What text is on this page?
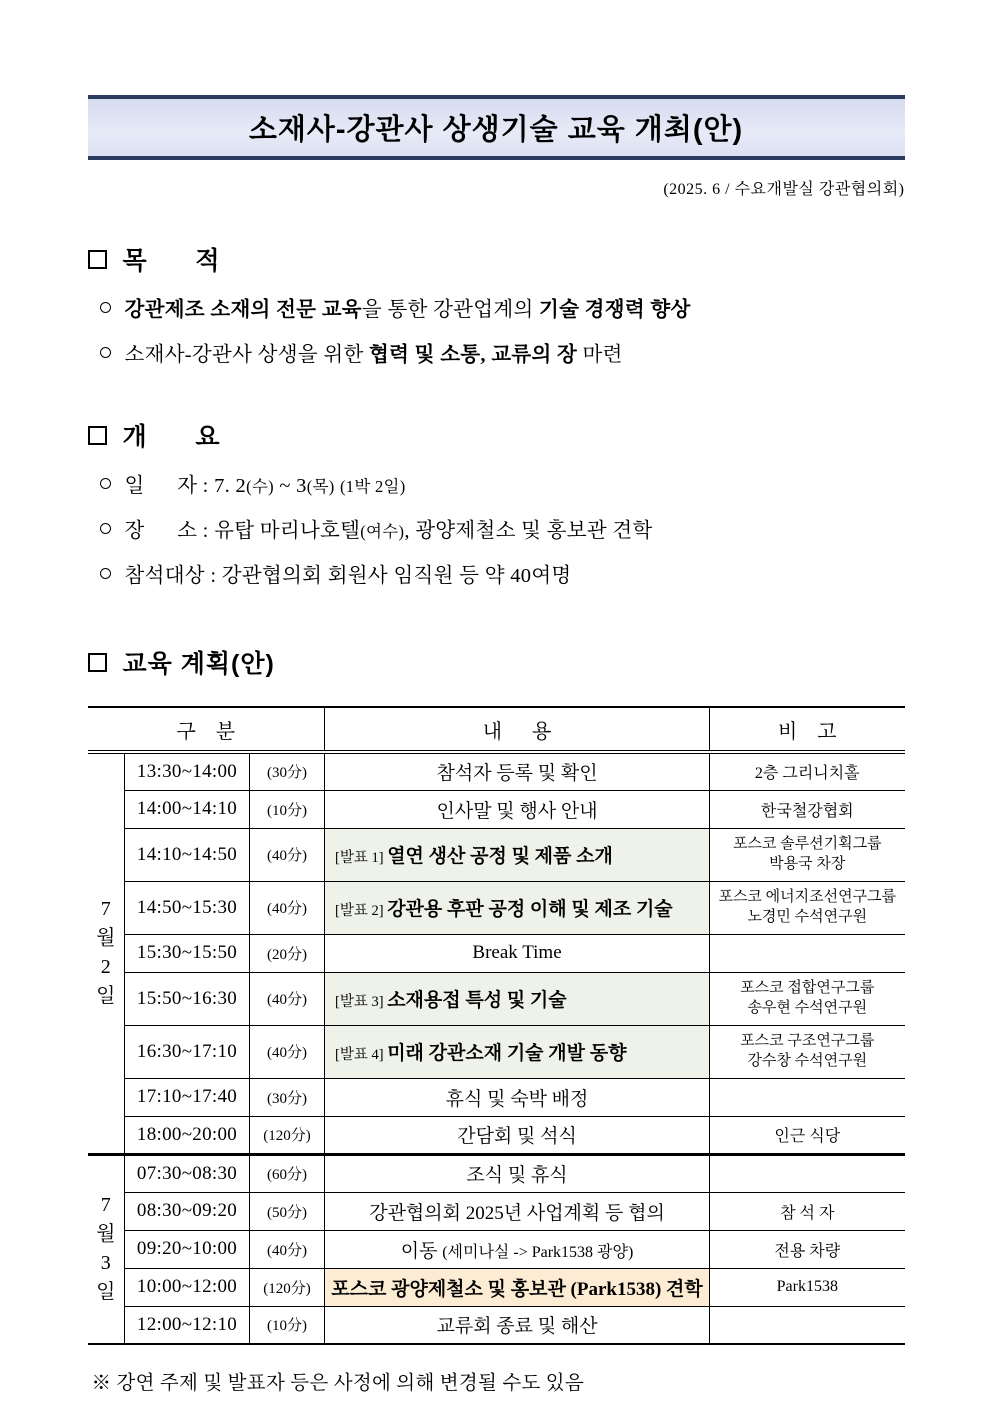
소재사-강관사 상생기술 교육 개최(안)
(2025. 6 / 수요개발실 강관협의회)
목      적
강관제조 소재의 전문 교육을 통한 강관업계의 기술 경쟁력 향상
소재사-강관사 상생을 위한 협력 및 소통, 교류의 장 마련
개      요
일      자 : 7. 2(수) ~ 3(목) (1박 2일)
장      소 : 유탑 마리나호텔(여수), 광양제철소 및 홍보관 견학
참석대상 : 강관협의회 회원사 임직원 등 약 40여명
교육 계획(안)
구    분			내      용	비    고

7
월
2
일	13:30~14:00	(30分)	참석자 등록 및 확인	2층 그리니치홀

	14:00~14:10	(10分)	인사말 및 행사 안내	한국철강협회

	14:10~14:50	(40分)	[발표 1] 열연 생산 공정 및 제품 소개	포스코 솔루션기획그룹
박용국 차장

	14:50~15:30	(40分)	[발표 2] 강관용 후판 공정 이해 및 제조 기술	포스코 에너지조선연구그룹
노경민 수석연구원

	15:30~15:50	(20分)	Break Time	
	15:50~16:30	(40分)	[발표 3] 소재용접 특성 및 기술	포스코 접합연구그룹
송우현 수석연구원

	16:30~17:10	(40分)	[발표 4] 미래 강관소재 기술 개발 동향	포스코 구조연구그룹
강수창 수석연구원

	17:10~17:40	(30分)	휴식 및 숙박 배정	
	18:00~20:00	(120分)	간담회 및 석식	인근 식당

7
월
3
일	07:30~08:30	(60分)	조식 및 휴식	
	08:30~09:20	(50分)	강관협의회 2025년 사업계획 등 협의	참 석 자

	09:20~10:00	(40分)	이동 (세미나실 -> Park1538 광양)	전용 차량

	10:00~12:00	(120分)	포스코 광양제철소 및 홍보관 (Park1538) 견학	Park1538

	12:00~12:10	(10分)	교류회 종료 및 해산	
※ 강연 주제 및 발표자 등은 사정에 의해 변경될 수도 있음
